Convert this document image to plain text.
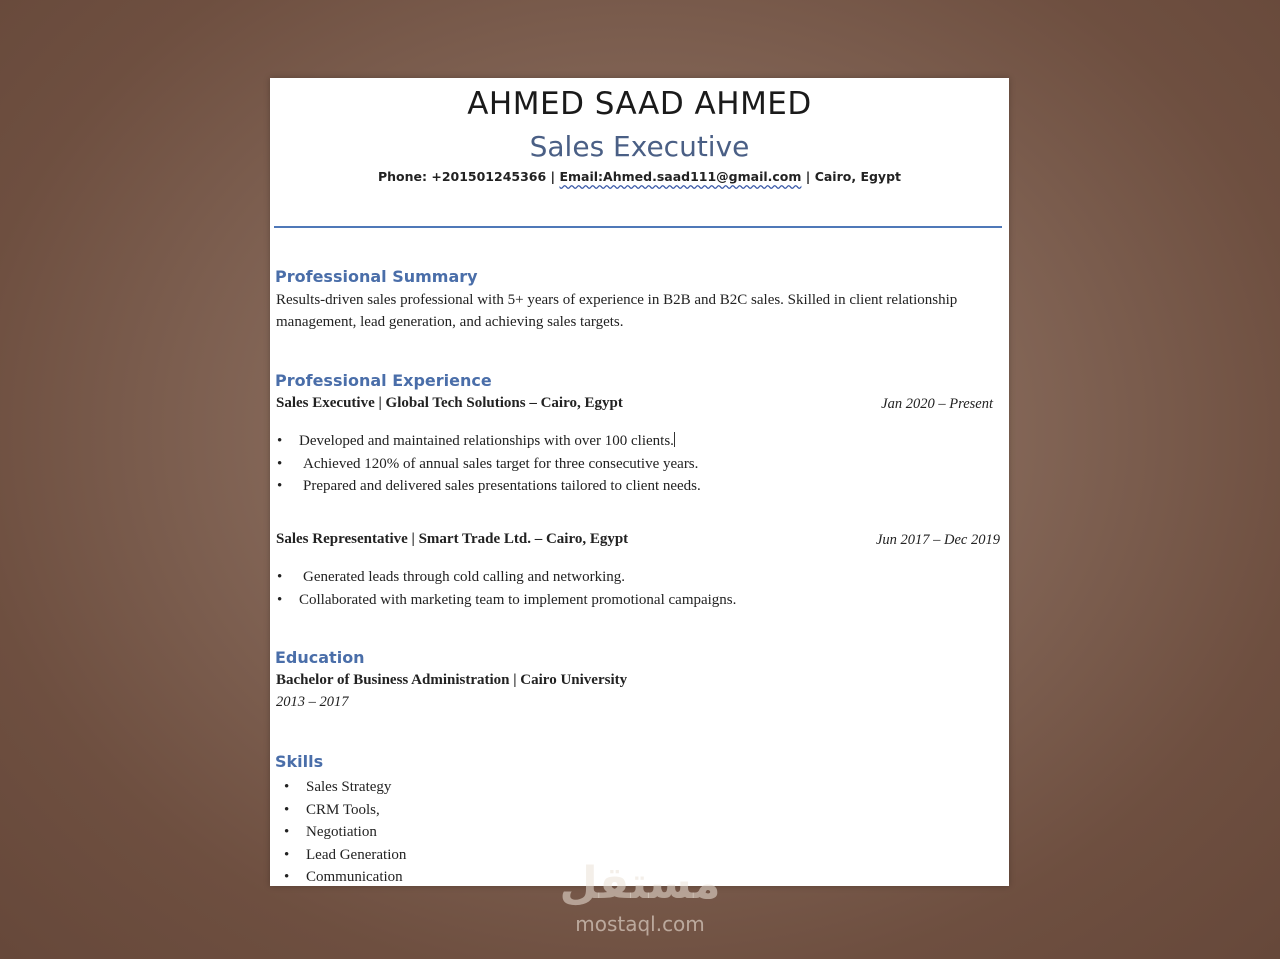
AHMED SAAD AHMED
Sales Executive
Phone: +201501245366 | Email:Ahmed.saad111@gmail.com | Cairo, Egypt
Professional Summary
Results-driven sales professional with 5+ years of experience in B2B and B2C sales. Skilled in client relationship management, lead generation, and achieving sales targets.
Professional Experience
Sales Executive | Global Tech Solutions – Cairo, Egypt	Jan 2020 – Present
• Developed and maintained relationships with over 100 clients.
• Achieved 120% of annual sales target for three consecutive years.
• Prepared and delivered sales presentations tailored to client needs.
Sales Representative | Smart Trade Ltd. – Cairo, Egypt	Jun 2017 – Dec 2019
• Generated leads through cold calling and networking.
• Collaborated with marketing team to implement promotional campaigns.
Education
Bachelor of Business Administration | Cairo University
2013 – 2017
Skills
• Sales Strategy
• CRM Tools,
• Negotiation
• Lead Generation
• Communication	مستقل
mostaql.com
